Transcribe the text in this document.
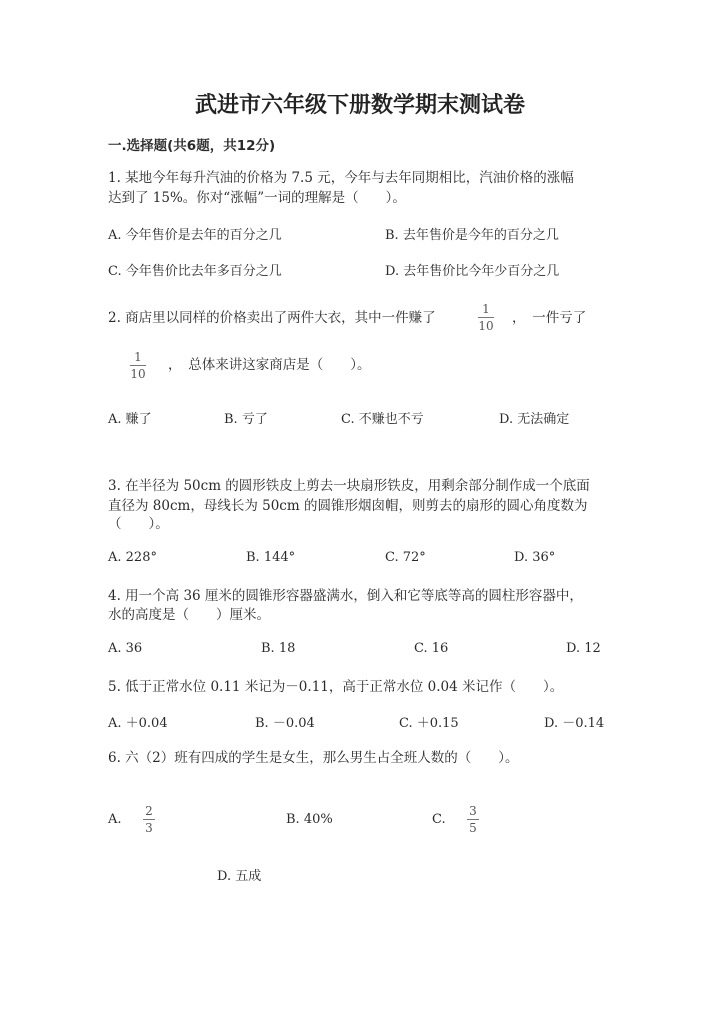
武进市六年级下册数学期末测试卷
一.选择题(共6题，共12分)
1. 某地今年每升汽油的价格为 7.5 元，今年与去年同期相比，汽油价格的涨幅
达到了 15%。你对“涨幅”一词的理解是（　　）。
A. 今年售价是去年的百分之几	B. 去年售价是今年的百分之几
C. 今年售价比去年多百分之几	D. 去年售价比今年少百分之几
2. 商店里以同样的价格卖出了两件大衣，其中一件赚了
1
10 ，　一件亏了
1
10
，　总体来讲这家商店是（　　）。
A. 赚了	B. 亏了	C. 不赚也不亏	D. 无法确定
3. 在半径为 50cm 的圆形铁皮上剪去一块扇形铁皮，用剩余部分制作成一个底面
直径为 80cm，母线长为 50cm 的圆锥形烟囱帽，则剪去的扇形的圆心角度数为
（　　）。
A. 228°	B. 144°	C. 72°	D. 36°
4. 用一个高 36 厘米的圆锥形容器盛满水，倒入和它等底等高的圆柱形容器中，
水的高度是（　　）厘米。
A. 36	B. 18	C. 16	D. 12
5. 低于正常水位 0.11 米记为－0.11，高于正常水位 0.04 米记作（　　）。
A. ＋0.04	B. －0.04	C. ＋0.15	D. －0.14
6. 六（2）班有四成的学生是女生，那么男生占全班人数的（　　）。
A.
2
3
B. 40%	C.
3
5
D. 五成
